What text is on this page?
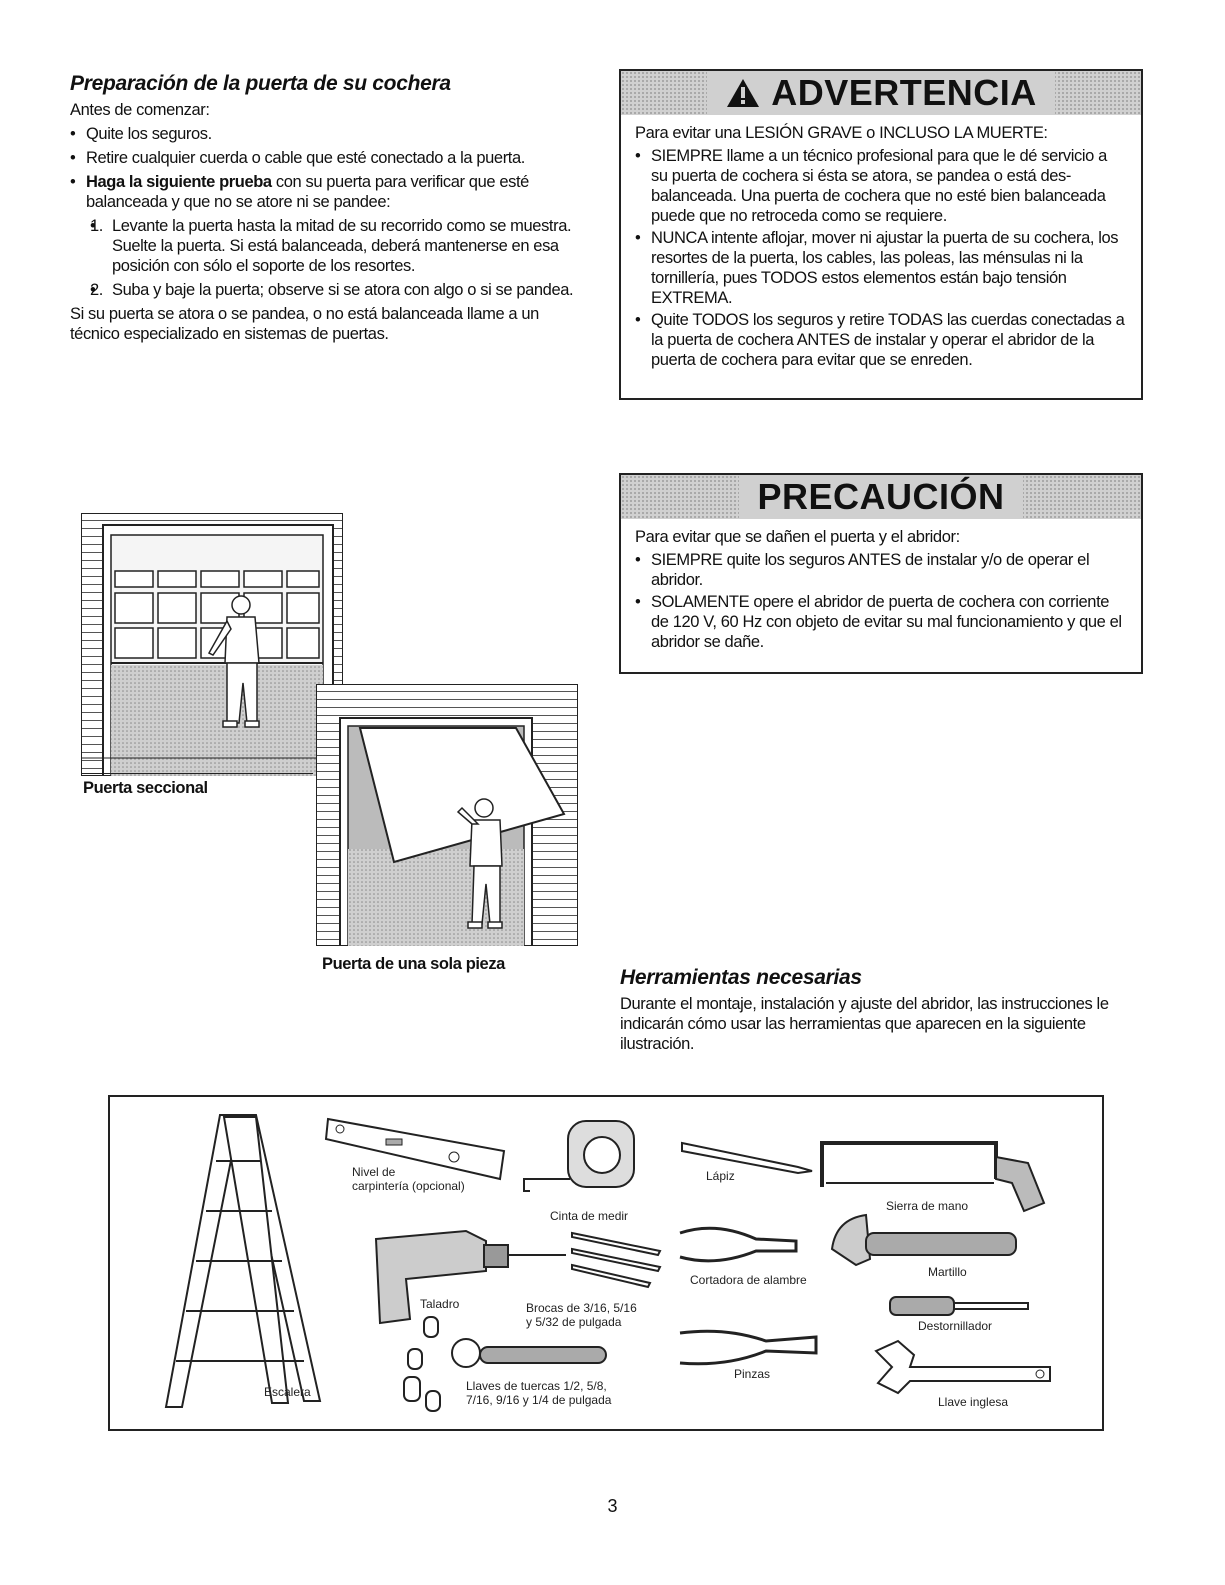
Preparación de la puerta de su cochera
Antes de comenzar:
• Quite los seguros.
• Retire cualquier cuerda o cable que esté conectado a la puerta.
• Haga la siguiente prueba con su puerta para verificar que esté balanceada y que no se atore ni se pandee:
• 1. Levante la puerta hasta la mitad de su recorrido como se muestra. Suelte la puerta. Si está balanceada, deberá mantenerse en esa posición con sólo el soporte de los resortes.
• 2. Suba y baje la puerta; observe si se atora con algo o si se pandea.
Si su puerta se atora o se pandea, o no está balanceada llame a un técnico especializado en sistemas de puertas.
ADVERTENCIA
Para evitar una LESIÓN GRAVE o INCLUSO LA MUERTE:
• SIEMPRE llame a un técnico profesional para que le dé servicio a su puerta de cochera si ésta se atora, se pandea o está des-balanceada. Una puerta de cochera que no esté bien balanceada puede que no retroceda como se requiere.
• NUNCA intente aflojar, mover ni ajustar la puerta de su cochera, los resortes de la puerta, los cables, las poleas, las ménsulas ni la tornillería, pues TODOS estos elementos están bajo tensión EXTREMA.
• Quite TODOS los seguros y retire TODAS las cuerdas conectadas a la puerta de cochera ANTES de instalar y operar el abridor de la puerta de cochera para evitar que se enreden.
PRECAUCIÓN
Para evitar que se dañen el puerta y el abridor:
• SIEMPRE quite los seguros ANTES de instalar y/o de operar el abridor.
• SOLAMENTE opere el abridor de puerta de cochera con corriente de 120 V, 60 Hz con objeto de evitar su mal funcionamiento y que el abridor se dañe.
Puerta seccional
Puerta de una sola pieza
Herramientas necesarias
Durante el montaje, instalación y ajuste del abridor, las instrucciones le indicarán cómo usar las herramientas que aparecen en la siguiente ilustración.
Nivel de
carpintería (opcional)
Cinta de medir
Lápiz
Sierra de mano
Taladro	Brocas de 3/16, 5/16
y 5/32 de pulgada
Cortadora de alambre
Martillo
Destornillador
Pinzas
Llave inglesa
Llaves de tuercas 1/2, 5/8,
7/16, 9/16 y 1/4 de pulgada
Escalera
3
